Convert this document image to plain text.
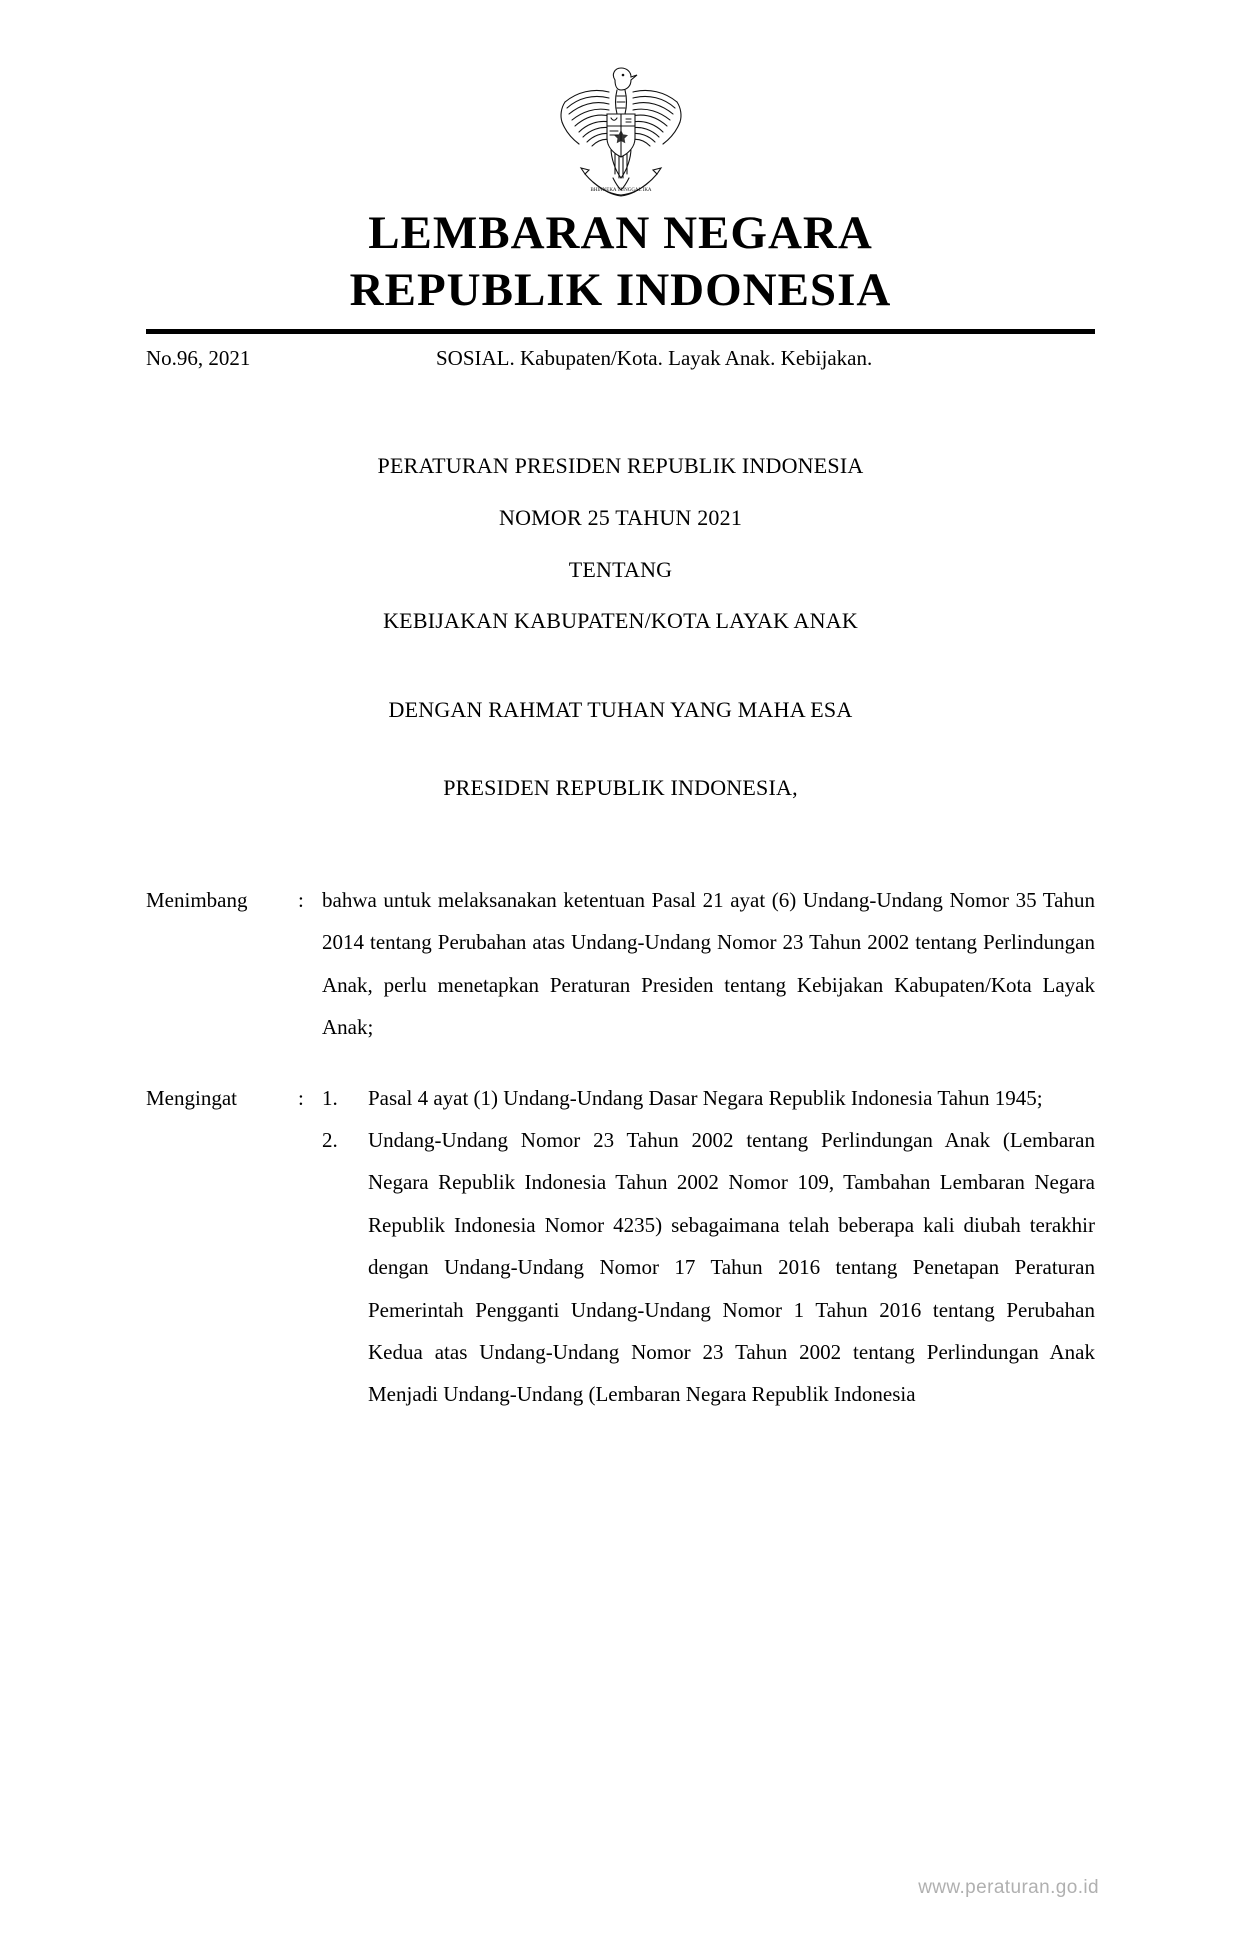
BHINNEKA TUNGGAL IKA
LEMBARAN NEGARA
REPUBLIK INDONESIA
No.96, 2021	SOSIAL. Kabupaten/Kota. Layak Anak. Kebijakan.
PERATURAN PRESIDEN REPUBLIK INDONESIA
NOMOR 25 TAHUN 2021
TENTANG
KEBIJAKAN KABUPATEN/KOTA LAYAK ANAK
DENGAN RAHMAT TUHAN YANG MAHA ESA
PRESIDEN REPUBLIK INDONESIA,
Menimbang	: bahwa untuk melaksanakan ketentuan Pasal 21 ayat (6) Undang-Undang Nomor 35 Tahun 2014 tentang Perubahan atas Undang-Undang Nomor 23 Tahun 2002 tentang Perlindungan Anak, perlu menetapkan Peraturan Presiden tentang Kebijakan Kabupaten/Kota Layak Anak;
Mengingat	: 1.	Pasal 4 ayat (1) Undang-Undang Dasar Negara Republik Indonesia Tahun 1945;
2.	Undang-Undang Nomor 23 Tahun 2002 tentang Perlindungan Anak (Lembaran Negara Republik Indonesia Tahun 2002 Nomor 109, Tambahan Lembaran Negara Republik Indonesia Nomor 4235) sebagaimana telah beberapa kali diubah terakhir dengan Undang-Undang Nomor 17 Tahun 2016 tentang Penetapan Peraturan Pemerintah Pengganti Undang-Undang Nomor 1 Tahun 2016 tentang Perubahan Kedua atas Undang-Undang Nomor 23 Tahun 2002 tentang Perlindungan Anak Menjadi Undang-Undang (Lembaran Negara Republik Indonesia
www.peraturan.go.id
